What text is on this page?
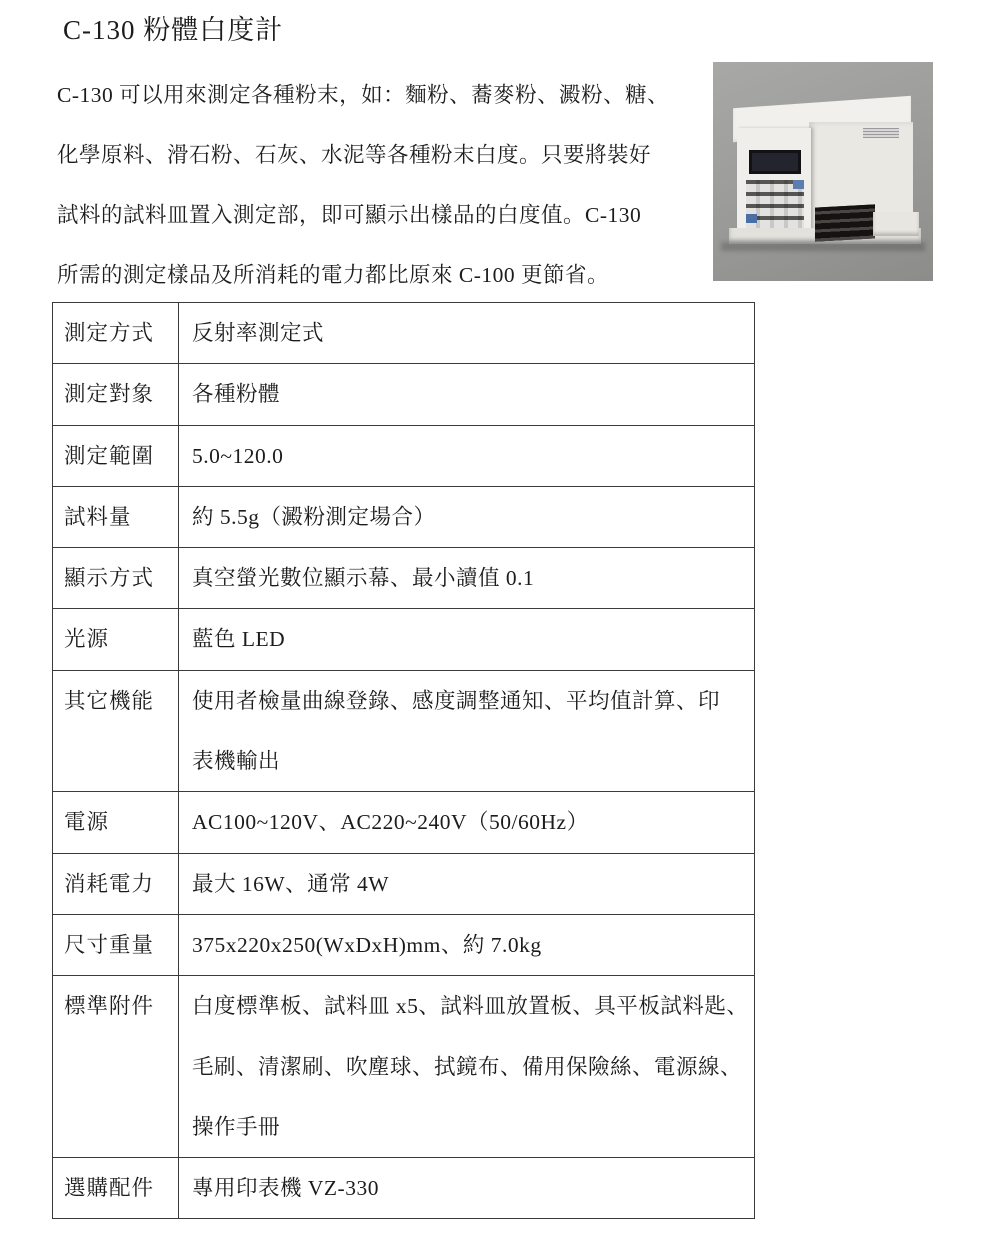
C-130 粉體白度計
C-130 可以用來測定各種粉末，如：麵粉、蕎麥粉、澱粉、糖、
化學原料、滑石粉、石灰、水泥等各種粉末白度。只要將裝好
試料的試料皿置入測定部，即可顯示出樣品的白度值。C-130
所需的測定樣品及所消耗的電力都比原來 C-100 更節省。
測定方式	反射率測定式

測定對象	各種粉體

測定範圍	5.0~120.0

試料量	約 5.5g（澱粉測定場合）

顯示方式	真空螢光數位顯示幕、最小讀值 0.1

光源	藍色 LED

其它機能	使用者檢量曲線登錄、感度調整通知、平均值計算、印
表機輸出

電源	AC100~120V、AC220~240V（50/60Hz）

消耗電力	最大 16W、通常 4W

尺寸重量	375x220x250(WxDxH)mm、約 7.0kg

標準附件	白度標準板、試料皿 x5、試料皿放置板、具平板試料匙、
毛刷、清潔刷、吹塵球、拭鏡布、備用保險絲、電源線、
操作手冊

選購配件	專用印表機 VZ-330
